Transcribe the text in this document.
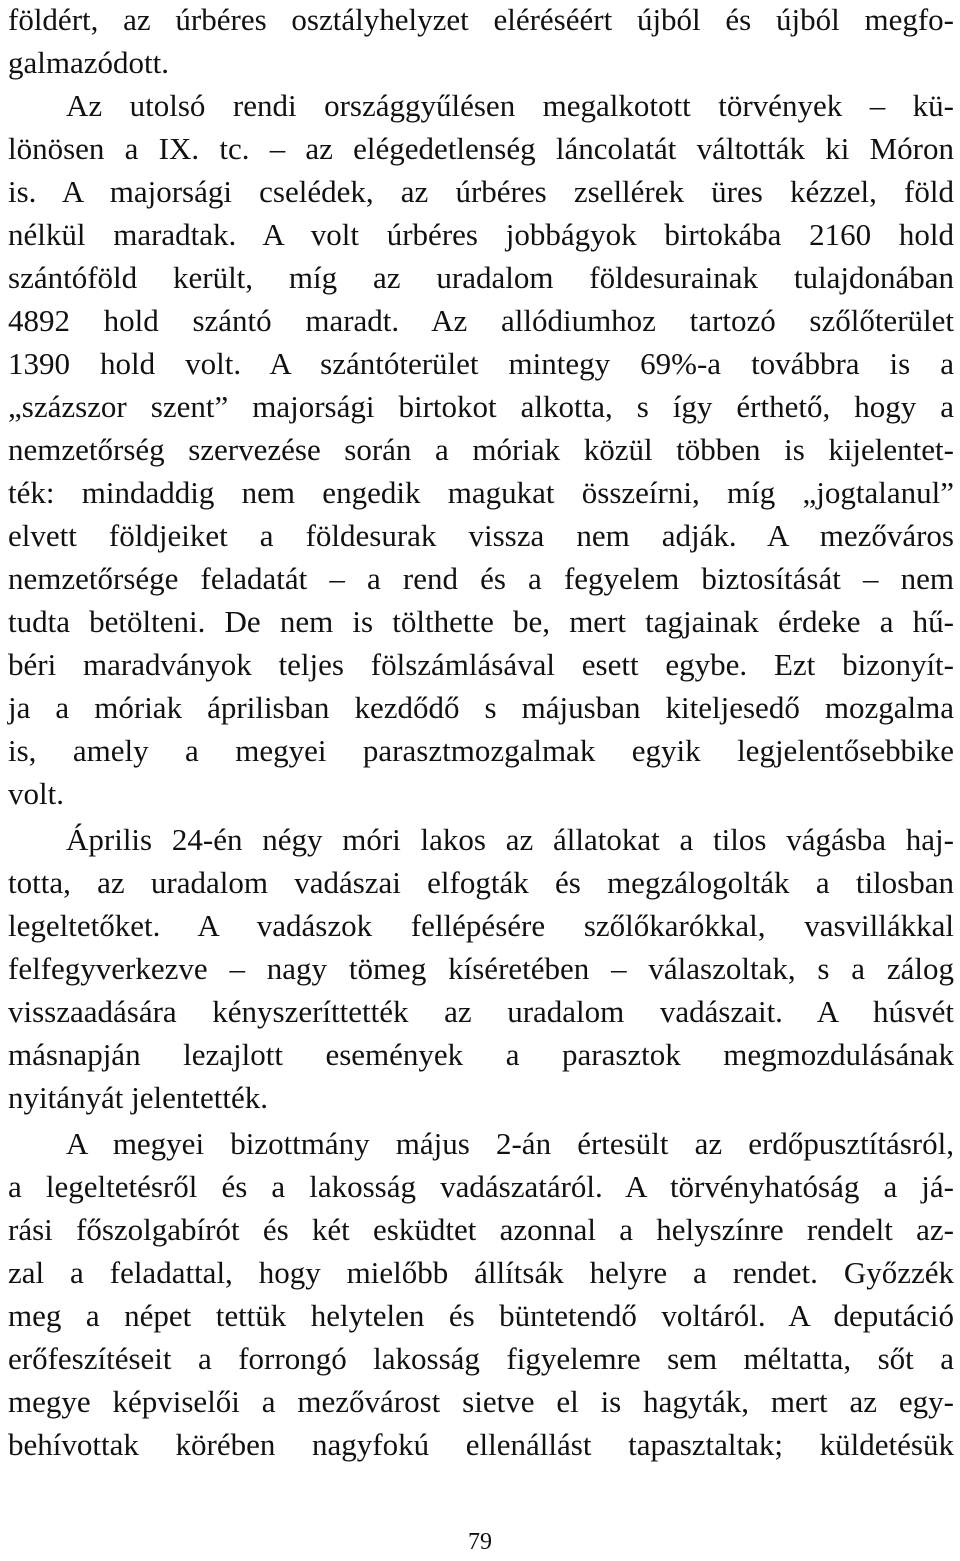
földért, az úrbéres osztályhelyzet eléréséért újból és újból megfo-
galmazódott.
Az utolsó rendi országgyűlésen megalkotott törvények – kü-
lönösen a IX. tc. – az elégedetlenség láncolatát váltották ki Móron
is. A majorsági cselédek, az úrbéres zsellérek üres kézzel, föld
nélkül maradtak. A volt úrbéres jobbágyok birtokába 2160 hold
szántóföld került, míg az uradalom földesurainak tulajdonában
4892 hold szántó maradt. Az allódiumhoz tartozó szőlőterület
1390 hold volt. A szántóterület mintegy 69%-a továbbra is a
„százszor szent” majorsági birtokot alkotta, s így érthető, hogy a
nemzetőrség szervezése során a móriak közül többen is kijelentet-
ték: mindaddig nem engedik magukat összeírni, míg „jogtalanul”
elvett földjeiket a földesurak vissza nem adják. A mezőváros
nemzetőrsége feladatát – a rend és a fegyelem biztosítását – nem
tudta betölteni. De nem is tölthette be, mert tagjainak érdeke a hű-
béri maradványok teljes fölszámlásával esett egybe. Ezt bizonyít-
ja a móriak áprilisban kezdődő s májusban kiteljesedő mozgalma
is, amely a megyei parasztmozgalmak egyik legjelentősebbike
volt.
Április 24-én négy móri lakos az állatokat a tilos vágásba haj-
totta, az uradalom vadászai elfogták és megzálogolták a tilosban
legeltetőket. A vadászok fellépésére szőlőkarókkal, vasvillákkal
felfegyverkezve – nagy tömeg kíséretében – válaszoltak, s a zálog
visszaadására kényszeríttették az uradalom vadászait. A húsvét
másnapján lezajlott események a parasztok megmozdulásának
nyitányát jelentették.
A megyei bizottmány május 2-án értesült az erdőpusztításról,
a legeltetésről és a lakosság vadászatáról. A törvényhatóság a já-
rási főszolgabírót és két esküdtet azonnal a helyszínre rendelt az-
zal a feladattal, hogy mielőbb állítsák helyre a rendet. Győzzék
meg a népet tettük helytelen és büntetendő voltáról. A deputáció
erőfeszítéseit a forrongó lakosság figyelemre sem méltatta, sőt a
megye képviselői a mezővárost sietve el is hagyták, mert az egy-
behívottak körében nagyfokú ellenállást tapasztaltak; küldetésük
79
